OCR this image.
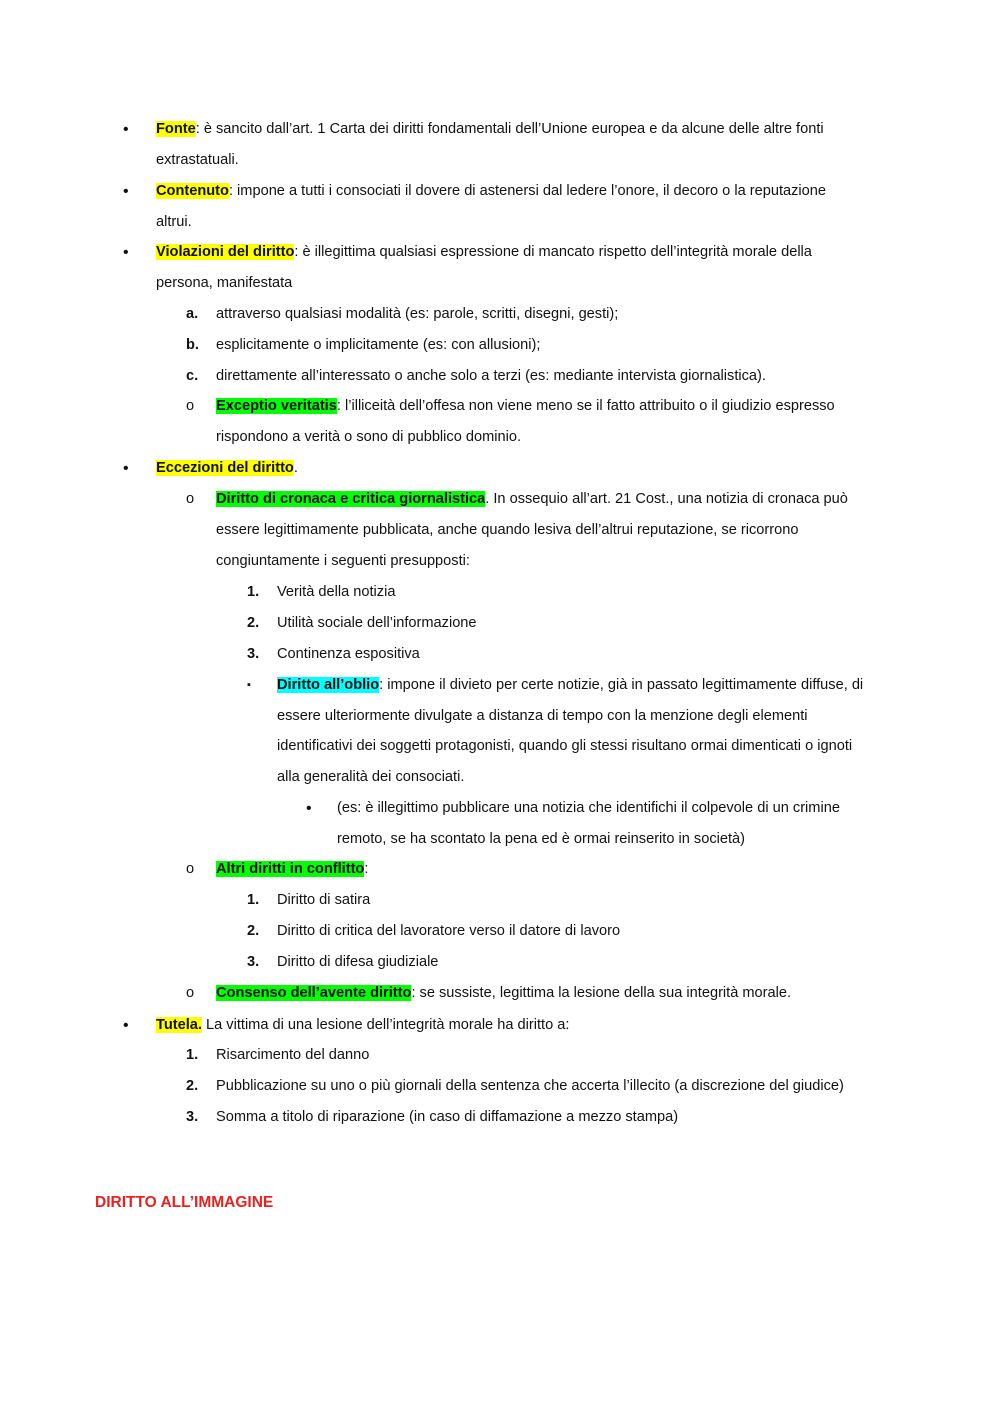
• Fonte: è sancito dall’art. 1 Carta dei diritti fondamentali dell’Unione europea e da alcune delle altre fonti
extrastatuali.
• Contenuto: impone a tutti i consociati il dovere di astenersi dal ledere l’onore, il decoro o la reputazione
altrui.
• Violazioni del diritto: è illegittima qualsiasi espressione di mancato rispetto dell’integrità morale della
persona, manifestata
a. attraverso qualsiasi modalità (es: parole, scritti, disegni, gesti);
b. esplicitamente o implicitamente (es: con allusioni);
c. direttamente all’interessato o anche solo a terzi (es: mediante intervista giornalistica).
o Exceptio veritatis: l’illiceità dell’offesa non viene meno se il fatto attribuito o il giudizio espresso
rispondono a verità o sono di pubblico dominio.
• Eccezioni del diritto.
o Diritto di cronaca e critica giornalistica. In ossequio all’art. 21 Cost., una notizia di cronaca può
essere legittimamente pubblicata, anche quando lesiva dell’altrui reputazione, se ricorrono
congiuntamente i seguenti presupposti:
1. Verità della notizia
2. Utilità sociale dell’informazione
3. Continenza espositiva
▪ Diritto all’oblio: impone il divieto per certe notizie, già in passato legittimamente diffuse, di
essere ulteriormente divulgate a distanza di tempo con la menzione degli elementi
identificativi dei soggetti protagonisti, quando gli stessi risultano ormai dimenticati o ignoti
alla generalità dei consociati.
• (es: è illegittimo pubblicare una notizia che identifichi il colpevole di un crimine
remoto, se ha scontato la pena ed è ormai reinserito in società)
o Altri diritti in conflitto:
1. Diritto di satira
2. Diritto di critica del lavoratore verso il datore di lavoro
3. Diritto di difesa giudiziale
o Consenso dell’avente diritto: se sussiste, legittima la lesione della sua integrità morale.
• Tutela. La vittima di una lesione dell’integrità morale ha diritto a:
1. Risarcimento del danno
2. Pubblicazione su uno o più giornali della sentenza che accerta l’illecito (a discrezione del giudice)
3. Somma a titolo di riparazione (in caso di diffamazione a mezzo stampa)
DIRITTO ALL’IMMAGINE
